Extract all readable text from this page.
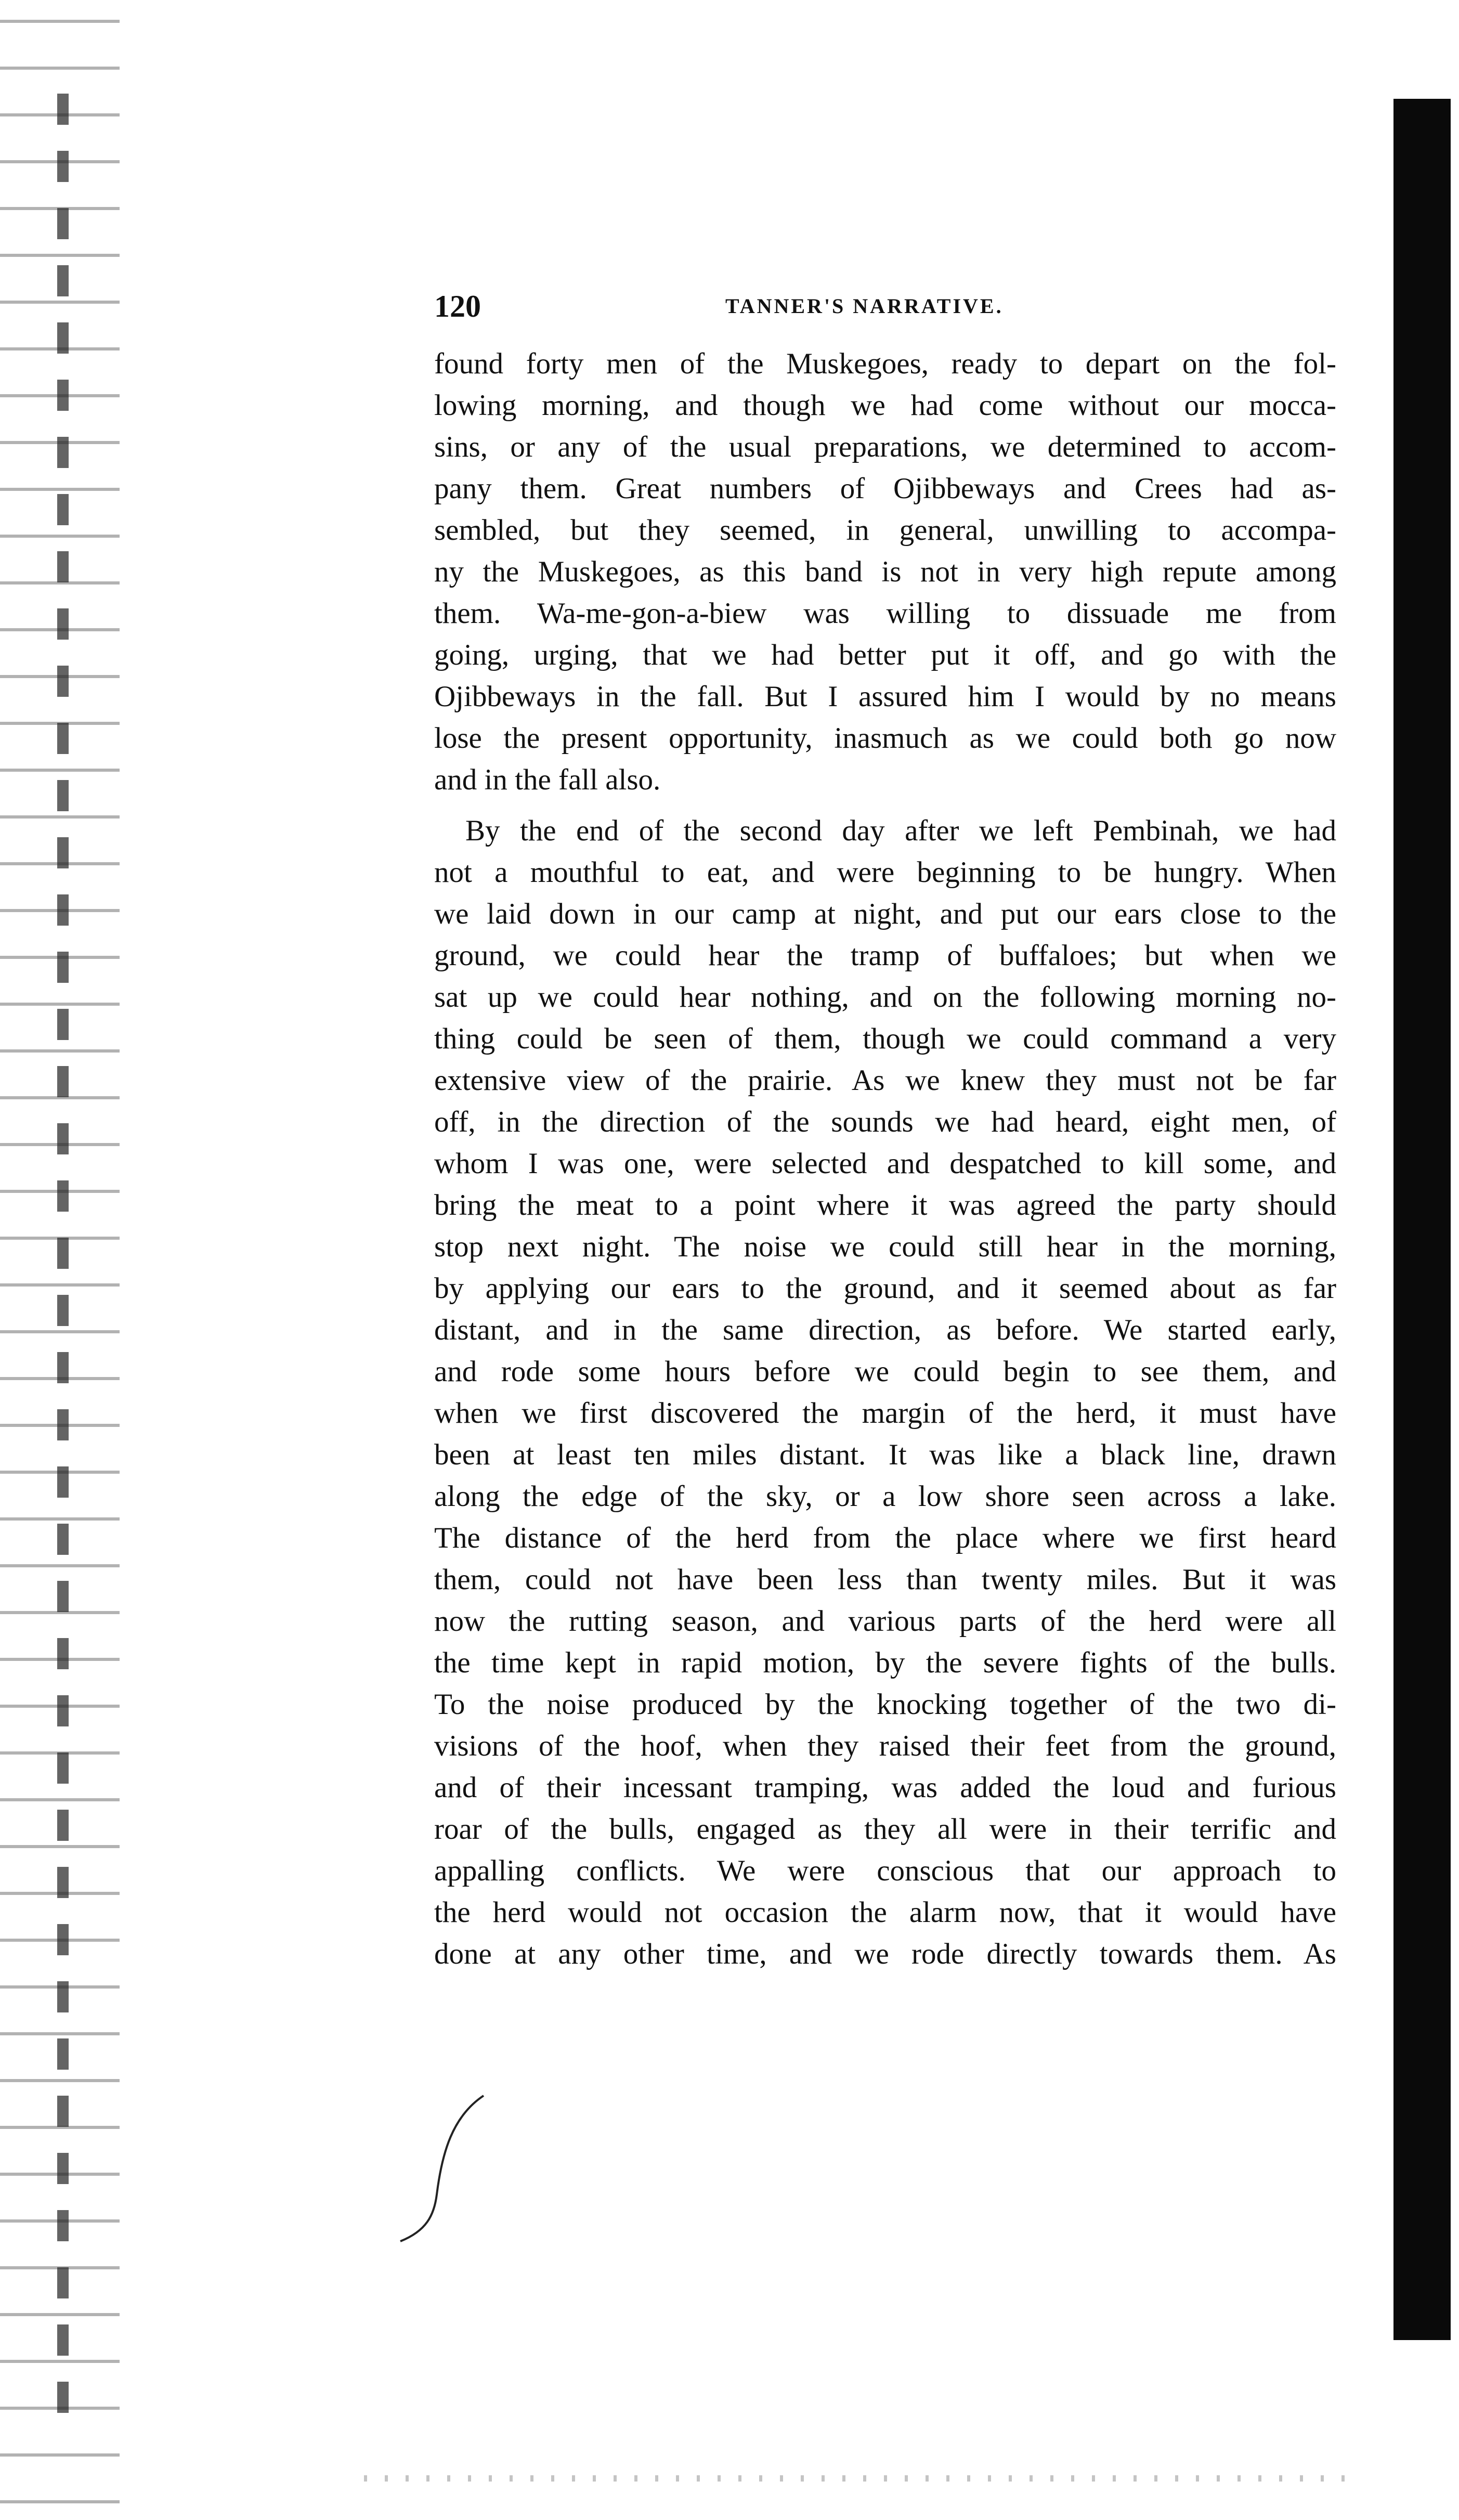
120	TANNER'S NARRATIVE.
found forty men of the Muskegoes, ready to depart on the fol-
lowing morning, and though we had come without our mocca-
sins, or any of the usual preparations, we determined to accom-
pany them. Great numbers of Ojibbeways and Crees had as-
sembled, but they seemed, in general, unwilling to accompa-
ny the Muskegoes, as this band is not in very high repute among
them. Wa-me-gon-a-biew was willing to dissuade me from
going, urging, that we had better put it off, and go with the
Ojibbeways in the fall. But I assured him I would by no means
lose the present opportunity, inasmuch as we could both go now
and in the fall also.
By the end of the second day after we left Pembinah, we had
not a mouthful to eat, and were beginning to be hungry. When
we laid down in our camp at night, and put our ears close to the
ground, we could hear the tramp of buffaloes; but when we
sat up we could hear nothing, and on the following morning no-
thing could be seen of them, though we could command a very
extensive view of the prairie. As we knew they must not be far
off, in the direction of the sounds we had heard, eight men, of
whom I was one, were selected and despatched to kill some, and
bring the meat to a point where it was agreed the party should
stop next night. The noise we could still hear in the morning,
by applying our ears to the ground, and it seemed about as far
distant, and in the same direction, as before. We started early,
and rode some hours before we could begin to see them, and
when we first discovered the margin of the herd, it must have
been at least ten miles distant. It was like a black line, drawn
along the edge of the sky, or a low shore seen across a lake.
The distance of the herd from the place where we first heard
them, could not have been less than twenty miles. But it was
now the rutting season, and various parts of the herd were all
the time kept in rapid motion, by the severe fights of the bulls.
To the noise produced by the knocking together of the two di-
visions of the hoof, when they raised their feet from the ground,
and of their incessant tramping, was added the loud and furious
roar of the bulls, engaged as they all were in their terrific and
appalling conflicts. We were conscious that our approach to
the herd would not occasion the alarm now, that it would have
done at any other time, and we rode directly towards them. As
